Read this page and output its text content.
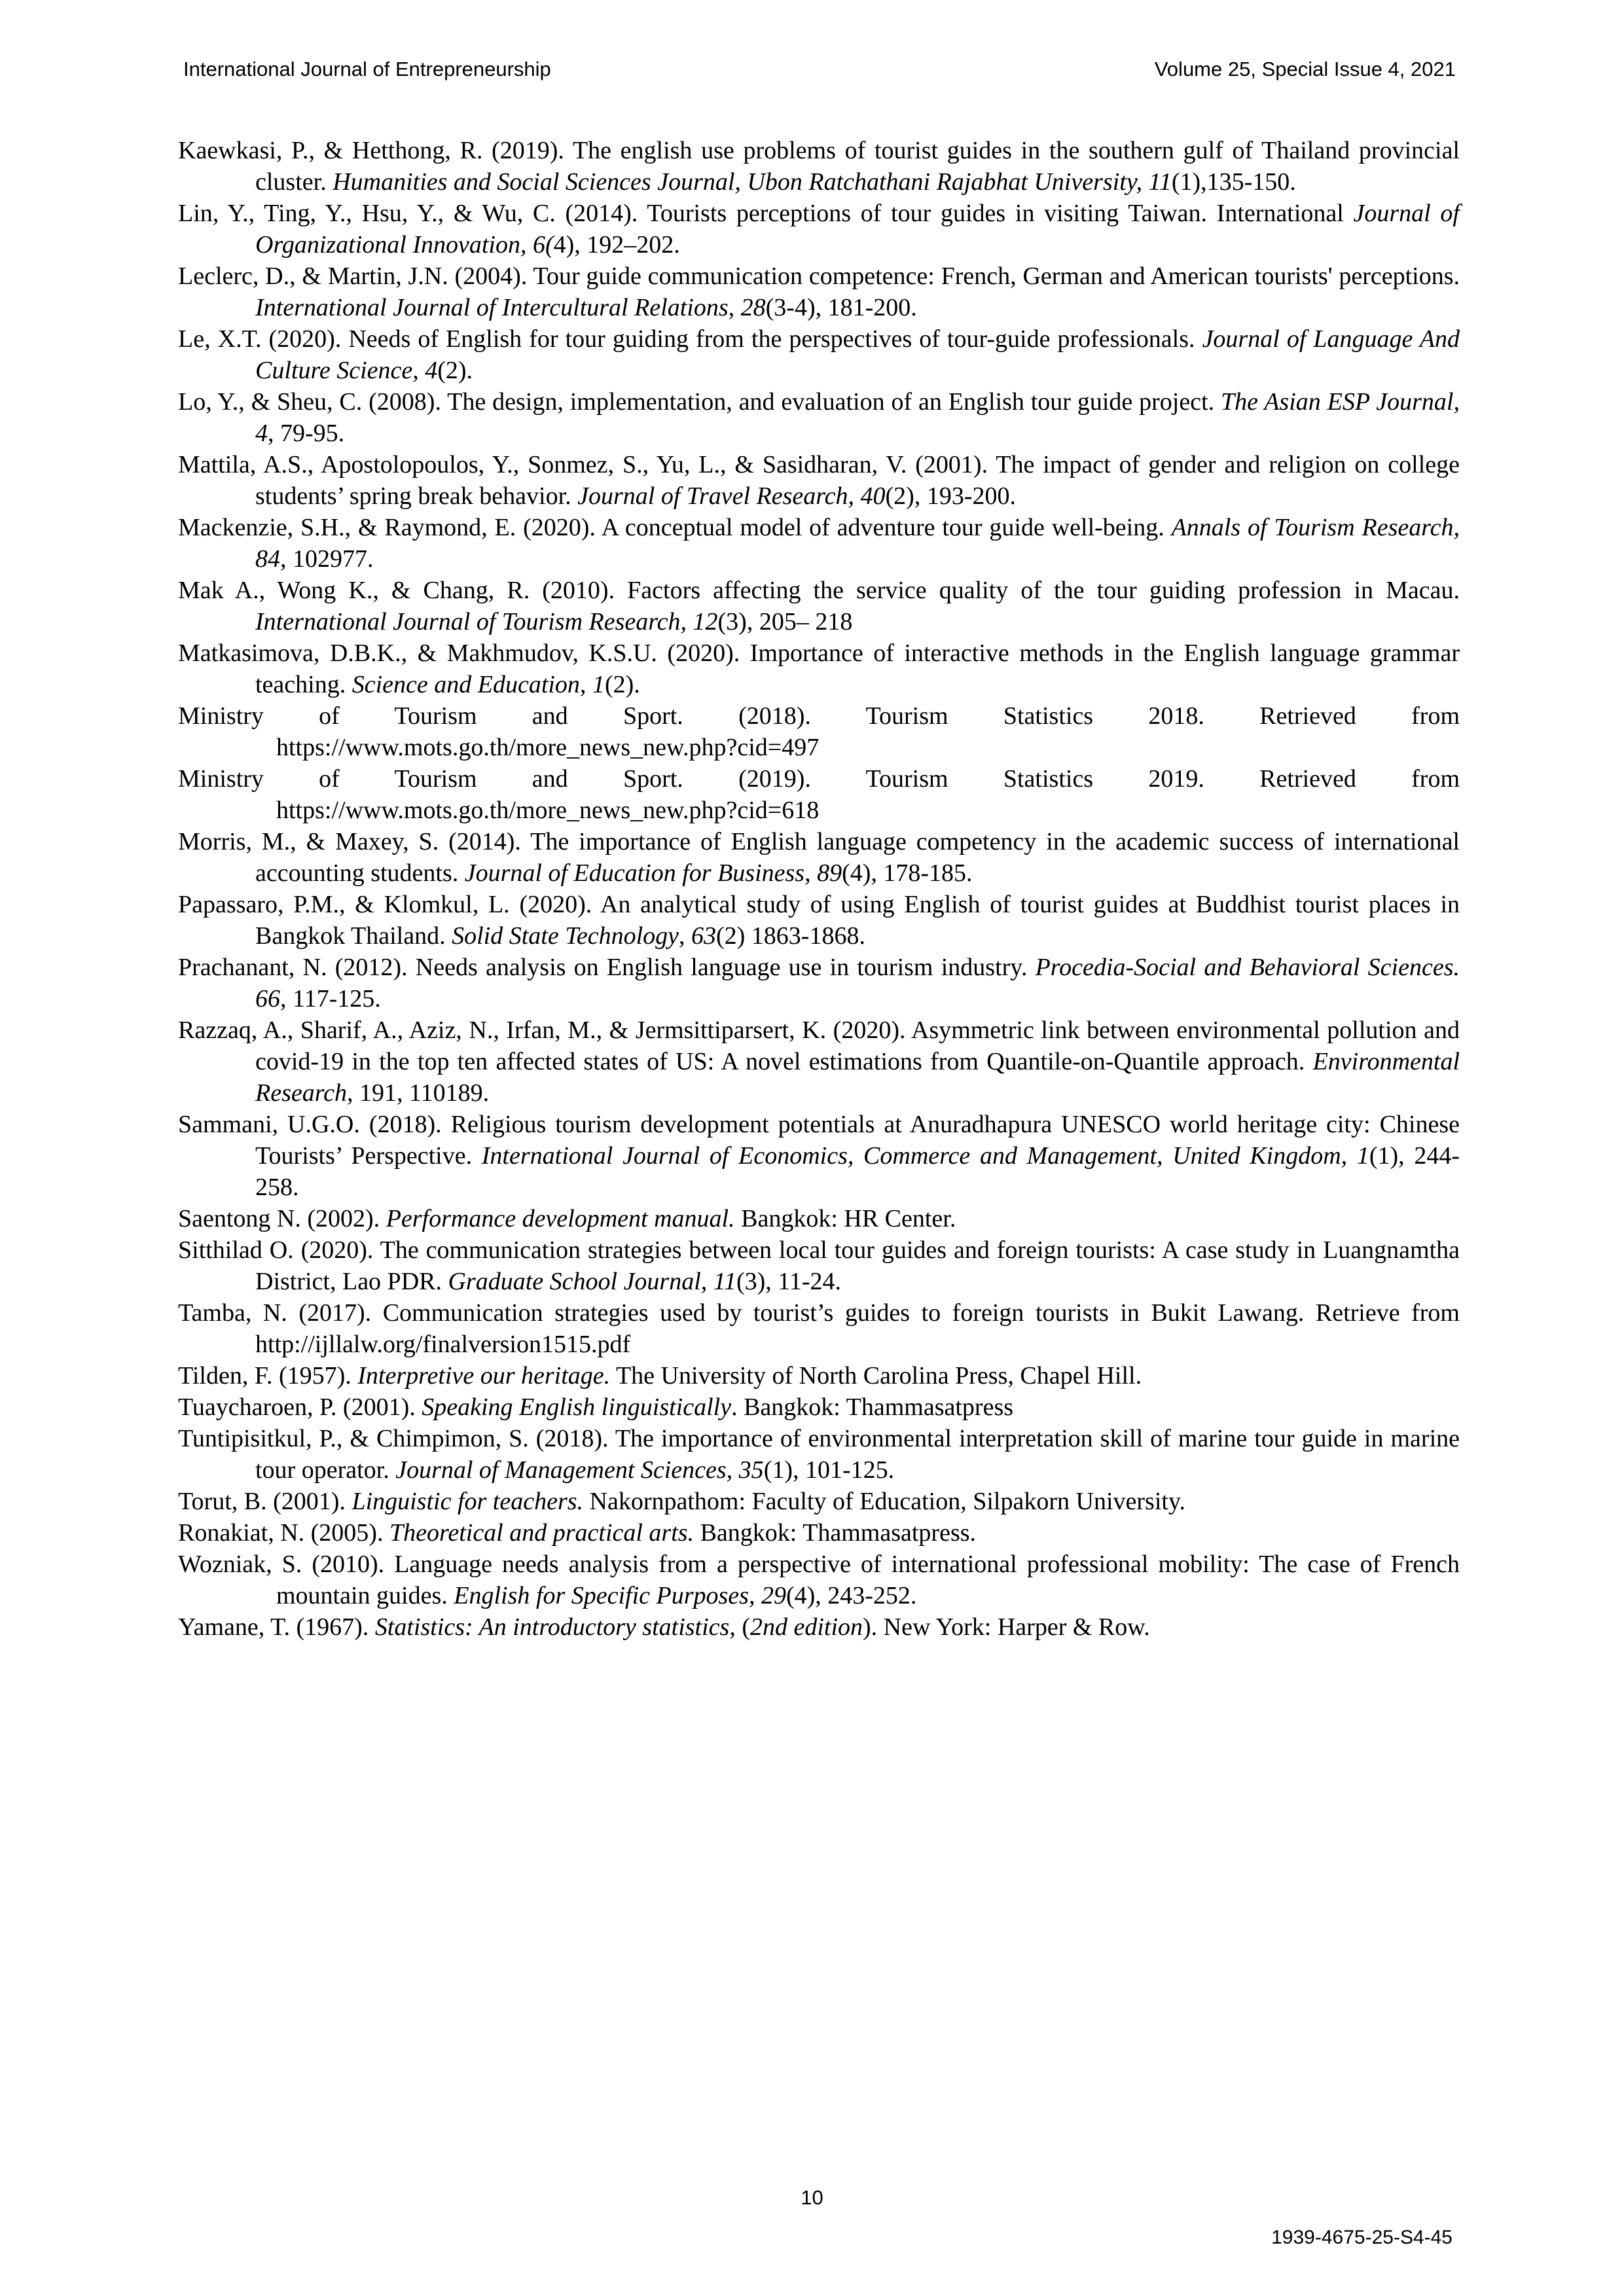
International Journal of Entrepreneurship	Volume 25, Special Issue 4, 2021

Kaewkasi, P., & Hetthong, R. (2019). The english use problems of tourist guides in the southern gulf of Thailand provincial cluster. Humanities and Social Sciences Journal, Ubon Ratchathani Rajabhat University, 11(1),135-150.

Lin, Y., Ting, Y., Hsu, Y., & Wu, C. (2014). Tourists perceptions of tour guides in visiting Taiwan. International Journal of Organizational Innovation, 6(4), 192–202.

Leclerc, D., & Martin, J.N. (2004). Tour guide communication competence: French, German and American tourists' perceptions. International Journal of Intercultural Relations, 28(3-4), 181-200.

Le, X.T. (2020). Needs of English for tour guiding from the perspectives of tour-guide professionals. Journal of Language And Culture Science, 4(2).

Lo, Y., & Sheu, C. (2008). The design, implementation, and evaluation of an English tour guide project. The Asian ESP Journal, 4, 79-95.

Mattila, A.S., Apostolopoulos, Y., Sonmez, S., Yu, L., & Sasidharan, V. (2001). The impact of gender and religion on college students’ spring break behavior. Journal of Travel Research, 40(2), 193-200.

Mackenzie, S.H., & Raymond, E. (2020). A conceptual model of adventure tour guide well-being. Annals of Tourism Research, 84, 102977.

Mak A., Wong K., & Chang, R. (2010). Factors affecting the service quality of the tour guiding profession in Macau. International Journal of Tourism Research, 12(3), 205– 218

Matkasimova, D.B.K., & Makhmudov, K.S.U. (2020). Importance of interactive methods in the English language grammar teaching. Science and Education, 1(2).

Ministry of Tourism and Sport. (2018). Tourism Statistics 2018. Retrieved from
https://www.mots.go.th/more_news_new.php?cid=497

Ministry of Tourism and Sport. (2019). Tourism Statistics 2019. Retrieved from
https://www.mots.go.th/more_news_new.php?cid=618

Morris, M., & Maxey, S. (2014). The importance of English language competency in the academic success of international accounting students. Journal of Education for Business, 89(4), 178-185.

Papassaro, P.M., & Klomkul, L. (2020). An analytical study of using English of tourist guides at Buddhist tourist places in Bangkok Thailand. Solid State Technology, 63(2) 1863-1868.

Prachanant, N. (2012). Needs analysis on English language use in tourism industry. Procedia-Social and Behavioral Sciences. 66, 117-125.

Razzaq, A., Sharif, A., Aziz, N., Irfan, M., & Jermsittiparsert, K. (2020). Asymmetric link between environmental pollution and covid-19 in the top ten affected states of US: A novel estimations from Quantile-on-Quantile approach. Environmental Research, 191, 110189.

Sammani, U.G.O. (2018). Religious tourism development potentials at Anuradhapura UNESCO world heritage city: Chinese Tourists’ Perspective. International Journal of Economics, Commerce and Management, United Kingdom, 1(1), 244-258.

Saentong N. (2002). Performance development manual. Bangkok: HR Center.

Sitthilad O. (2020). The communication strategies between local tour guides and foreign tourists: A case study in Luangnamtha District, Lao PDR. Graduate School Journal, 11(3), 11-24.

Tamba, N. (2017). Communication strategies used by tourist’s guides to foreign tourists in Bukit Lawang. Retrieve from http://ijllalw.org/finalversion1515.pdf

Tilden, F. (1957). Interpretive our heritage. The University of North Carolina Press, Chapel Hill.

Tuaycharoen, P. (2001). Speaking English linguistically. Bangkok: Thammasatpress

Tuntipisitkul, P., & Chimpimon, S. (2018). The importance of environmental interpretation skill of marine tour guide in marine tour operator. Journal of Management Sciences, 35(1), 101-125.

Torut, B. (2001). Linguistic for teachers. Nakornpathom: Faculty of Education, Silpakorn University.

Ronakiat, N. (2005). Theoretical and practical arts. Bangkok: Thammasatpress.

Wozniak, S. (2010). Language needs analysis from a perspective of international professional mobility: The case of French mountain guides. English for Specific Purposes, 29(4), 243-252.

Yamane, T. (1967). Statistics: An introductory statistics, (2nd edition). New York: Harper & Row.

10
1939-4675-25-S4-45
